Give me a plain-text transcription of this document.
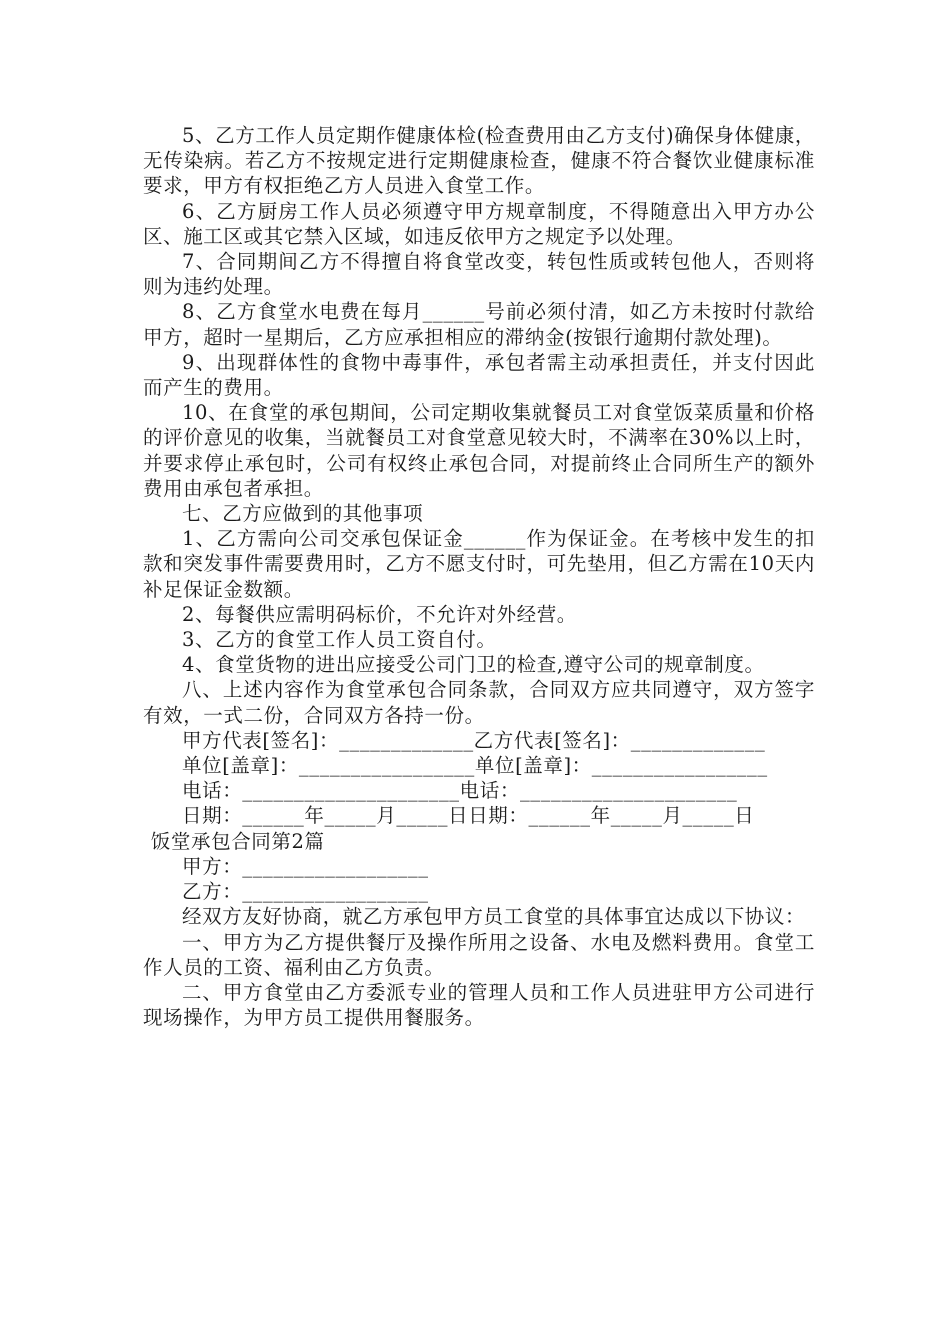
5、乙方工作人员定期作健康体检(检查费用由乙方支付)确保身体健康，无传染病。若乙方不按规定进行定期健康检查，健康不符合餐饮业健康标准要求，甲方有权拒绝乙方人员进入食堂工作。

6、乙方厨房工作人员必须遵守甲方规章制度，不得随意出入甲方办公区、施工区或其它禁入区域，如违反依甲方之规定予以处理。

7、合同期间乙方不得擅自将食堂改变，转包性质或转包他人，否则将则为违约处理。

8、乙方食堂水电费在每月______号前必须付清，如乙方未按时付款给甲方，超时一星期后，乙方应承担相应的滞纳金(按银行逾期付款处理)。

9、出现群体性的食物中毒事件，承包者需主动承担责任，并支付因此而产生的费用。

10、在食堂的承包期间，公司定期收集就餐员工对食堂饭菜质量和价格的评价意见的收集，当就餐员工对食堂意见较大时，不满率在30%以上时，并要求停止承包时，公司有权终止承包合同，对提前终止合同所生产的额外费用由承包者承担。

七、乙方应做到的其他事项

1、乙方需向公司交承包保证金______作为保证金。在考核中发生的扣款和突发事件需要费用时，乙方不愿支付时，可先垫用，但乙方需在10天内补足保证金数额。

2、每餐供应需明码标价，不允许对外经营。

3、乙方的食堂工作人员工资自付。

4、食堂货物的进出应接受公司门卫的检查,遵守公司的规章制度。

八、上述内容作为食堂承包合同条款，合同双方应共同遵守，双方签字有效，一式二份，合同双方各持一份。

甲方代表[签名]：_____________乙方代表[签名]：_____________

单位[盖章]：_________________单位[盖章]：_________________

电话：_____________________电话：_____________________

日期：______年_____月_____日日期：______年_____月_____日

饭堂承包合同第2篇

甲方：__________________

乙方：__________________

经双方友好协商，就乙方承包甲方员工食堂的具体事宜达成以下协议：

一、甲方为乙方提供餐厅及操作所用之设备、水电及燃料费用。食堂工作人员的工资、福利由乙方负责。

二、甲方食堂由乙方委派专业的管理人员和工作人员进驻甲方公司进行现场操作，为甲方员工提供用餐服务。
